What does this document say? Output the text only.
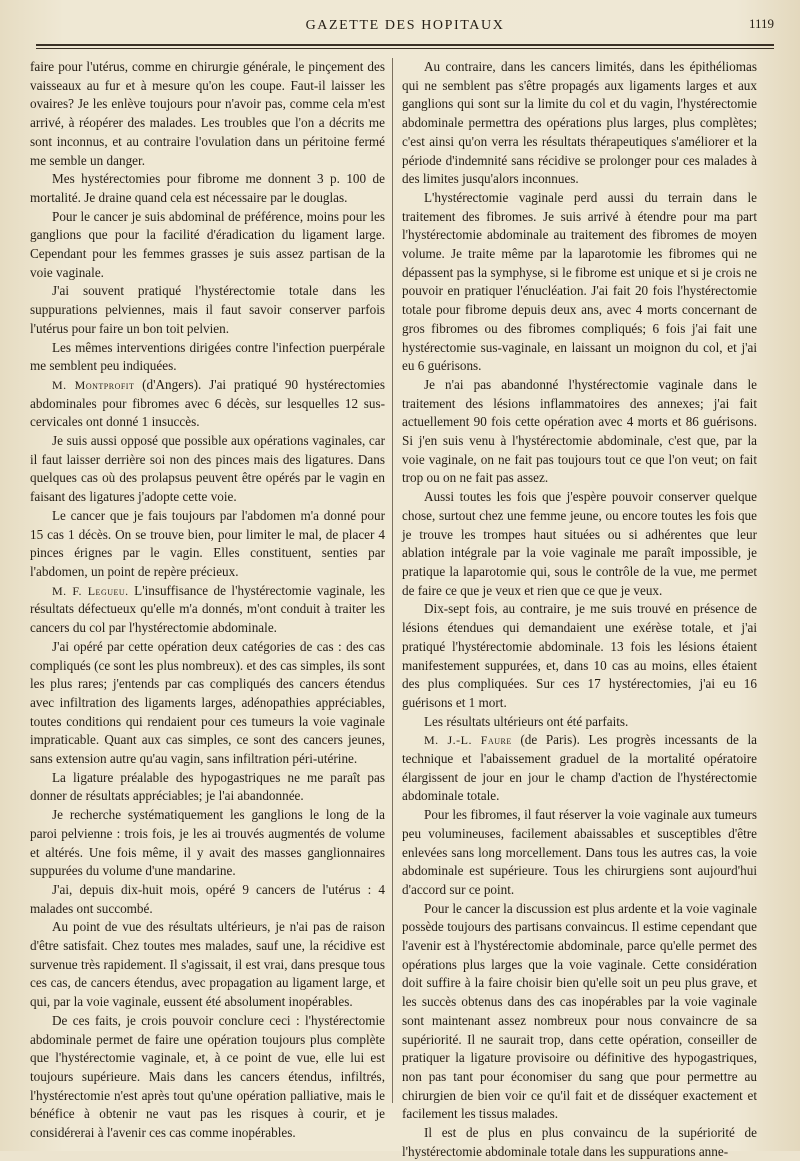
GAZETTE DES HOPITAUX	1119

faire pour l'utérus, comme en chirurgie générale, le pinçement des vaisseaux au fur et à mesure qu'on les coupe. Faut-il laisser les ovaires? Je les enlève toujours pour n'avoir pas, comme cela m'est arrivé, à réopérer des malades. Les troubles que l'on a décrits me sont inconnus, et au contraire l'ovulation dans un péritoine fermé me semble un danger.

Mes hystérectomies pour fibrome me donnent 3 p. 100 de mortalité. Je draine quand cela est nécessaire par le douglas.

Pour le cancer je suis abdominal de préférence, moins pour les ganglions que pour la facilité d'éradication du ligament large. Cependant pour les femmes grasses je suis assez partisan de la voie vaginale.

J'ai souvent pratiqué l'hystérectomie totale dans les suppurations pelviennes, mais il faut savoir conserver parfois l'utérus pour faire un bon toit pelvien.

Les mêmes interventions dirigées contre l'infection puerpérale me semblent peu indiquées.

M. Montprofit (d'Angers). J'ai pratiqué 90 hystérectomies abdominales pour fibromes avec 6 décès, sur lesquelles 12 sus-cervicales ont donné 1 insuccès.

Je suis aussi opposé que possible aux opérations vaginales, car il faut laisser derrière soi non des pinces mais des ligatures. Dans quelques cas où des prolapsus peuvent être opérés par le vagin en faisant des ligatures j'adopte cette voie.

Le cancer que je fais toujours par l'abdomen m'a donné pour 15 cas 1 décès. On se trouve bien, pour limiter le mal, de placer 4 pinces érignes par le vagin. Elles constituent, senties par l'abdomen, un point de repère précieux.

M. F. Legueu. L'insuffisance de l'hystérectomie vaginale, les résultats défectueux qu'elle m'a donnés, m'ont conduit à traiter les cancers du col par l'hystérectomie abdominale.

J'ai opéré par cette opération deux catégories de cas : des cas compliqués (ce sont les plus nombreux). et des cas simples, ils sont les plus rares; j'entends par cas compliqués des cancers étendus avec infiltration des ligaments larges, adénopathies appréciables, toutes conditions qui rendaient pour ces tumeurs la voie vaginale impraticable. Quant aux cas simples, ce sont des cancers jeunes, sans extension autre qu'au vagin, sans infiltration péri-utérine.

La ligature préalable des hypogastriques ne me paraît pas donner de résultats appréciables; je l'ai abandonnée.

Je recherche systématiquement les ganglions le long de la paroi pelvienne : trois fois, je les ai trouvés augmentés de volume et altérés. Une fois même, il y avait des masses ganglionnaires suppurées du volume d'une mandarine.

J'ai, depuis dix-huit mois, opéré 9 cancers de l'utérus : 4 malades ont succombé.

Au point de vue des résultats ultérieurs, je n'ai pas de raison d'être satisfait. Chez toutes mes malades, sauf une, la récidive est survenue très rapidement. Il s'agissait, il est vrai, dans presque tous ces cas, de cancers étendus, avec propagation au ligament large, et qui, par la voie vaginale, eussent été absolument inopérables.

De ces faits, je crois pouvoir conclure ceci : l'hystérectomie abdominale permet de faire une opération toujours plus complète que l'hystérectomie vaginale, et, à ce point de vue, elle lui est toujours supérieure. Mais dans les cancers étendus, infiltrés, l'hystérectomie n'est après tout qu'une opération palliative, mais le bénéfice à obtenir ne vaut pas les risques à courir, et je considérerai à l'avenir ces cas comme inopérables.

Au contraire, dans les cancers limités, dans les épithéliomas qui ne semblent pas s'être propagés aux ligaments larges et aux ganglions qui sont sur la limite du col et du vagin, l'hystérectomie abdominale permettra des opérations plus larges, plus complètes; c'est ainsi qu'on verra les résultats thérapeutiques s'améliorer et la période d'indemnité sans récidive se prolonger pour ces malades à des limites jusqu'alors inconnues.

L'hystérectomie vaginale perd aussi du terrain dans le traitement des fibromes. Je suis arrivé à étendre pour ma part l'hystérectomie abdominale au traitement des fibromes de moyen volume. Je traite même par la laparotomie les fibromes qui ne dépassent pas la symphyse, si le fibrome est unique et si je crois ne pouvoir en pratiquer l'énucléation. J'ai fait 20 fois l'hystérectomie totale pour fibrome depuis deux ans, avec 4 morts concernant de gros fibromes ou des fibromes compliqués; 6 fois j'ai fait une hystérectomie sus-vaginale, en laissant un moignon du col, et j'ai eu 6 guérisons.

Je n'ai pas abandonné l'hystérectomie vaginale dans le traitement des lésions inflammatoires des annexes; j'ai fait actuellement 90 fois cette opération avec 4 morts et 86 guérisons. Si j'en suis venu à l'hystérectomie abdominale, c'est que, par la voie vaginale, on ne fait pas toujours tout ce que l'on veut; on fait trop ou on ne fait pas assez.

Aussi toutes les fois que j'espère pouvoir conserver quelque chose, surtout chez une femme jeune, ou encore toutes les fois que je trouve les trompes haut situées ou si adhérentes que leur ablation intégrale par la voie vaginale me paraît impossible, je pratique la laparotomie qui, sous le contrôle de la vue, me permet de faire ce que je veux et rien que ce que je veux.

Dix-sept fois, au contraire, je me suis trouvé en présence de lésions étendues qui demandaient une exérèse totale, et j'ai pratiqué l'hystérectomie abdominale. 13 fois les lésions étaient manifestement suppurées, et, dans 10 cas au moins, elles étaient des plus compliquées. Sur ces 17 hystérectomies, j'ai eu 16 guérisons et 1 mort.

Les résultats ultérieurs ont été parfaits.

M. J.-L. Faure (de Paris). Les progrès incessants de la technique et l'abaissement graduel de la mortalité opératoire élargissent de jour en jour le champ d'action de l'hystérectomie abdominale totale.

Pour les fibromes, il faut réserver la voie vaginale aux tumeurs peu volumineuses, facilement abaissables et susceptibles d'être enlevées sans long morcellement. Dans tous les autres cas, la voie abdominale est supérieure. Tous les chirurgiens sont aujourd'hui d'accord sur ce point.

Pour le cancer la discussion est plus ardente et la voie vaginale possède toujours des partisans convaincus. Il estime cependant que l'avenir est à l'hystérectomie abdominale, parce qu'elle permet des opérations plus larges que la voie vaginale. Cette considération doit suffire à la faire choisir bien qu'elle soit un peu plus grave, et les succès obtenus dans des cas inopérables par la voie vaginale sont maintenant assez nombreux pour nous convaincre de sa supériorité. Il ne saurait trop, dans cette opération, conseiller de pratiquer la ligature provisoire ou définitive des hypogastriques, non pas tant pour économiser du sang que pour permettre au chirurgien de bien voir ce qu'il fait et de disséquer exactement et facilement les tissus malades.

Il est de plus en plus convaincu de la supériorité de l'hystérectomie abdominale totale dans les suppurations anne-
